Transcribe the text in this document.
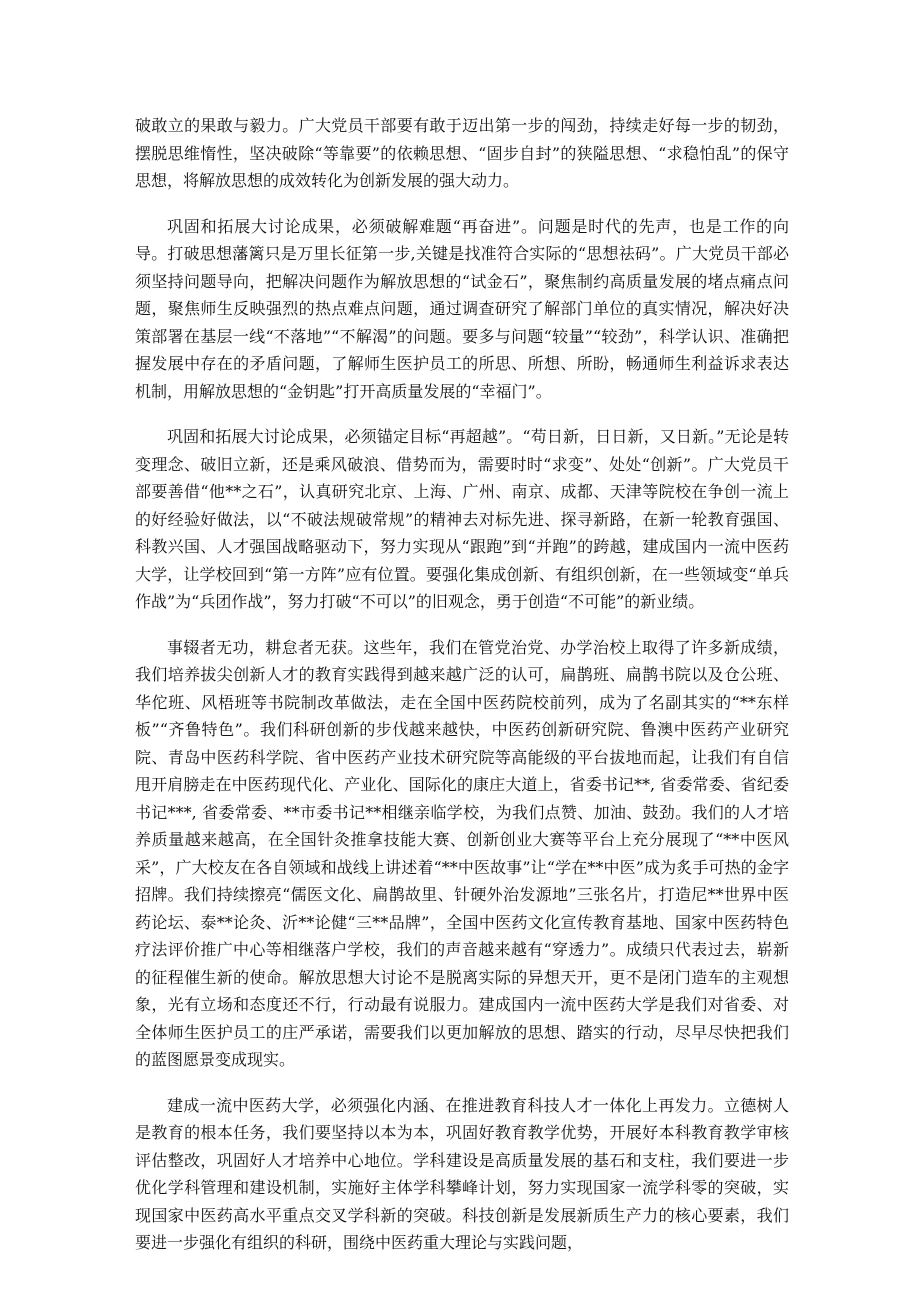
破敢立的果敢与毅力。广大党员干部要有敢于迈出第一步的闯劲，持续走好每一步的韧劲，摆脱思维惰性，坚决破除“等靠要”的依赖思想、“固步自封”的狭隘思想、“求稳怕乱”的保守思想，将解放思想的成效转化为创新发展的强大动力。

巩固和拓展大讨论成果，必须破解难题“再奋进”。问题是时代的先声，也是工作的向导。打破思想藩篱只是万里长征第一步,关键是找准符合实际的“思想祛码”。广大党员干部必须坚持问题导向，把解决问题作为解放思想的“试金石”，聚焦制约高质量发展的堵点痛点问题，聚焦师生反映强烈的热点难点问题，通过调查研究了解部门单位的真实情况，解决好决策部署在基层一线“不落地”“不解渴”的问题。要多与问题“较量”“较劲”，科学认识、准确把握发展中存在的矛盾问题，了解师生医护员工的所思、所想、所盼，畅通师生利益诉求表达机制，用解放思想的“金钥匙”打开高质量发展的“幸福门”。

巩固和拓展大讨论成果，必须锚定目标“再超越”。“苟日新，日日新，又日新。”无论是转变理念、破旧立新，还是乘风破浪、借势而为，需要时时“求变”、处处“创新”。广大党员干部要善借“他**之石”，认真研究北京、上海、广州、南京、成都、天津等院校在争创一流上的好经验好做法，以“不破法规破常规”的精神去对标先进、探寻新路，在新一轮教育强国、科教兴国、人才强国战略驱动下，努力实现从“跟跑”到“并跑”的跨越，建成国内一流中医药大学，让学校回到“第一方阵”应有位置。要强化集成创新、有组织创新，在一些领域变“单兵作战”为“兵团作战”，努力打破“不可以”的旧观念，勇于创造“不可能”的新业绩。

事辍者无功，耕怠者无获。这些年，我们在管党治党、办学治校上取得了许多新成绩，我们培养拔尖创新人才的教育实践得到越来越广泛的认可，扁鹊班、扁鹊书院以及仓公班、华佗班、风梧班等书院制改革做法，走在全国中医药院校前列，成为了名副其实的“**东样板”“齐鲁特色”。我们科研创新的步伐越来越快，中医药创新研究院、鲁澳中医药产业研究院、青岛中医药科学院、省中医药产业技术研究院等高能级的平台拔地而起，让我们有自信甩开肩膀走在中医药现代化、产业化、国际化的康庄大道上，省委书记**, 省委常委、省纪委书记***, 省委常委、**市委书记**相继亲临学校，为我们点赞、加油、鼓劲。我们的人才培养质量越来越高，在全国针灸推拿技能大赛、创新创业大赛等平台上充分展现了“**中医风采”，广大校友在各自领域和战线上讲述着“**中医故事”让“学在**中医”成为炙手可热的金字招牌。我们持续擦亮“儒医文化、扁鹊故里、针硬外治发源地”三张名片，打造尼**世界中医药论坛、泰**论灸、沂**论健“三**品牌”，全国中医药文化宣传教育基地、国家中医药特色疗法评价推广中心等相继落户学校，我们的声音越来越有“穿透力”。成绩只代表过去，崭新的征程催生新的使命。解放思想大讨论不是脱离实际的异想天开，更不是闭门造车的主观想象，光有立场和态度还不行，行动最有说服力。建成国内一流中医药大学是我们对省委、对全体师生医护员工的庄严承诺，需要我们以更加解放的思想、踏实的行动，尽早尽快把我们的蓝图愿景变成现实。

建成一流中医药大学，必须强化内涵、在推进教育科技人才一体化上再发力。立德树人是教育的根本任务，我们要坚持以本为本，巩固好教育教学优势，开展好本科教育教学审核评估整改，巩固好人才培养中心地位。学科建设是高质量发展的基石和支柱，我们要进一步优化学科管理和建设机制，实施好主体学科攀峰计划，努力实现国家一流学科零的突破，实现国家中医药高水平重点交叉学科新的突破。科技创新是发展新质生产力的核心要素，我们要进一步强化有组织的科研，围绕中医药重大理论与实践问题，
